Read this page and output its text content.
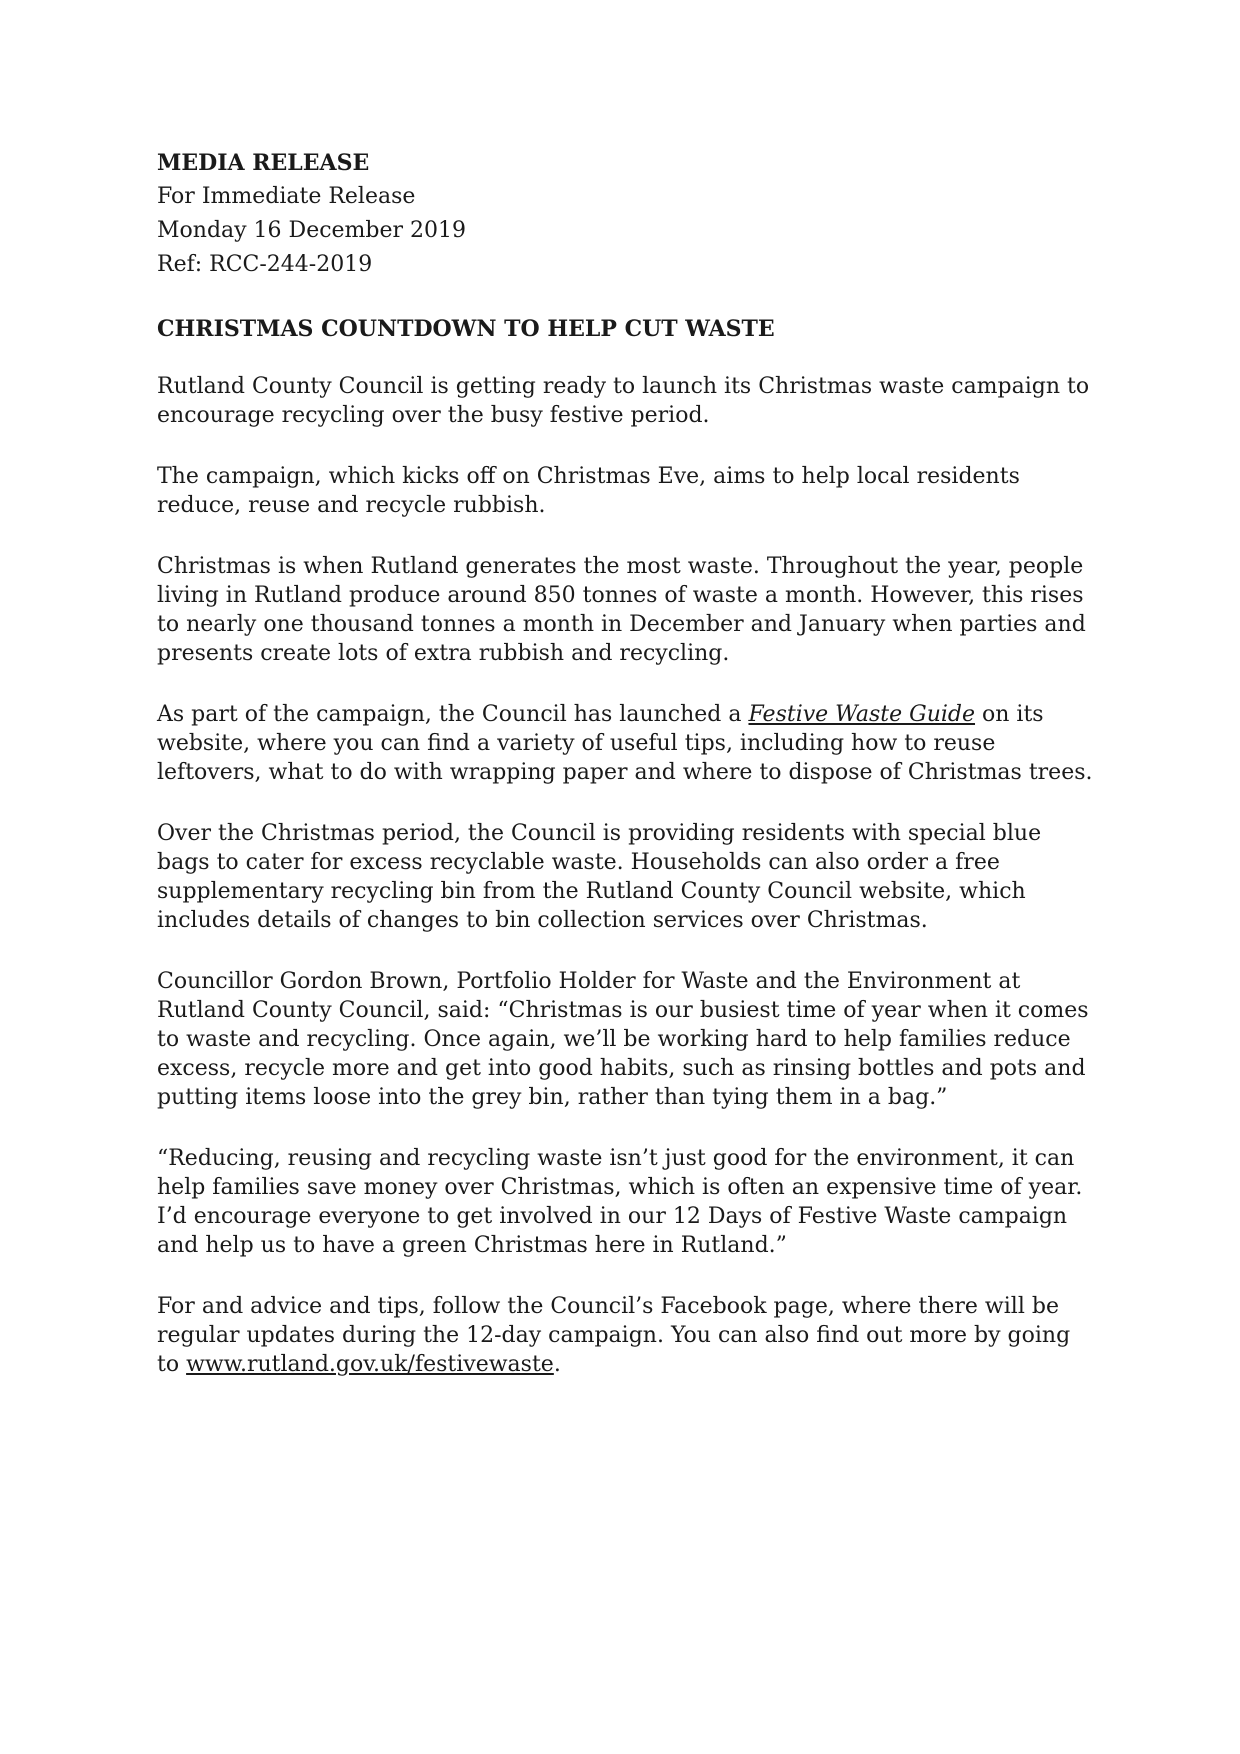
MEDIA RELEASE
For Immediate Release
Monday 16 December 2019
Ref: RCC-244-2019
CHRISTMAS COUNTDOWN TO HELP CUT WASTE

Rutland County Council is getting ready to launch its Christmas waste campaign to encourage recycling over the busy festive period.

The campaign, which kicks off on Christmas Eve, aims to help local residents reduce, reuse and recycle rubbish.

Christmas is when Rutland generates the most waste. Throughout the year, people living in Rutland produce around 850 tonnes of waste a month. However, this rises to nearly one thousand tonnes a month in December and January when parties and presents create lots of extra rubbish and recycling.

As part of the campaign, the Council has launched a Festive Waste Guide on its website, where you can find a variety of useful tips, including how to reuse leftovers, what to do with wrapping paper and where to dispose of Christmas trees.

Over the Christmas period, the Council is providing residents with special blue bags to cater for excess recyclable waste. Households can also order a free supplementary recycling bin from the Rutland County Council website, which includes details of changes to bin collection services over Christmas.

Councillor Gordon Brown, Portfolio Holder for Waste and the Environment at Rutland County Council, said: “Christmas is our busiest time of year when it comes to waste and recycling. Once again, we’ll be working hard to help families reduce excess, recycle more and get into good habits, such as rinsing bottles and pots and putting items loose into the grey bin, rather than tying them in a bag.”

“Reducing, reusing and recycling waste isn’t just good for the environment, it can help families save money over Christmas, which is often an expensive time of year. I’d encourage everyone to get involved in our 12 Days of Festive Waste campaign and help us to have a green Christmas here in Rutland.”

For and advice and tips, follow the Council’s Facebook page, where there will be regular updates during the 12-day campaign. You can also find out more by going to www.rutland.gov.uk/festivewaste.
